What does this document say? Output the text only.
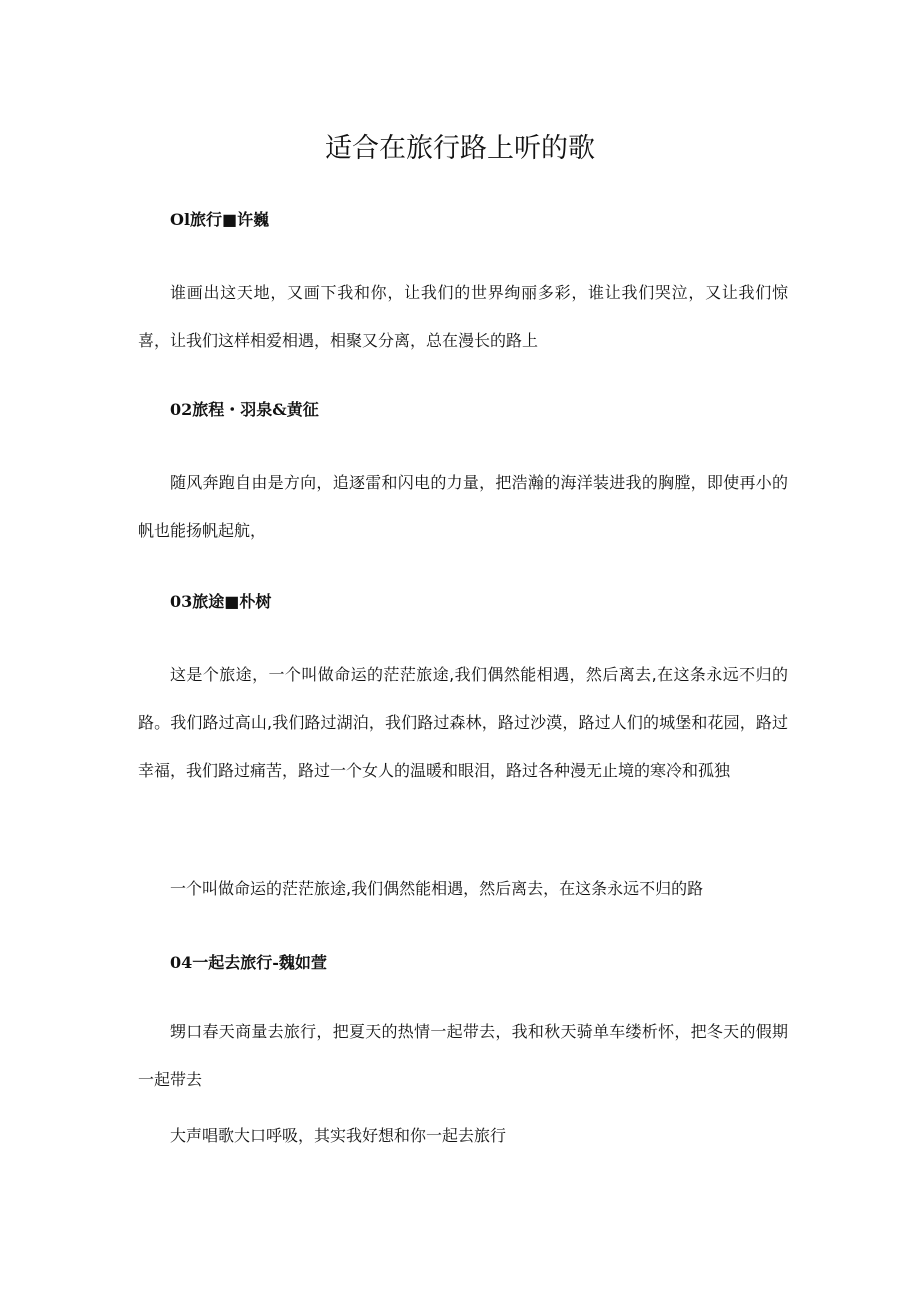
适合在旅行路上听的歌
Ol旅行■许巍

谁画出这天地，又画下我和你，让我们的世界绚丽多彩，谁让我们哭泣，又让我们惊喜，让我们这样相爱相遇，相聚又分离，总在漫长的路上

02旅程・羽泉&黄征

随风奔跑自由是方向，追逐雷和闪电的力量，把浩瀚的海洋装进我的胸膛，即使再小的帆也能扬帆起航，

03旅途■朴树

这是个旅途，一个叫做命运的茫茫旅途,我们偶然能相遇，然后离去,在这条永远不归的路。我们路过高山,我们路过湖泊，我们路过森林，路过沙漠，路过人们的城堡和花园，路过幸福，我们路过痛苦，路过一个女人的温暖和眼泪，路过各种漫无止境的寒冷和孤独

一个叫做命运的茫茫旅途,我们偶然能相遇，然后离去，在这条永远不归的路

04一起去旅行-魏如萱

甥口春天商量去旅行，把夏天的热情一起带去，我和秋天骑单车缕析怀，把冬天的假期一起带去

大声唱歌大口呼吸，其实我好想和你一起去旅行
